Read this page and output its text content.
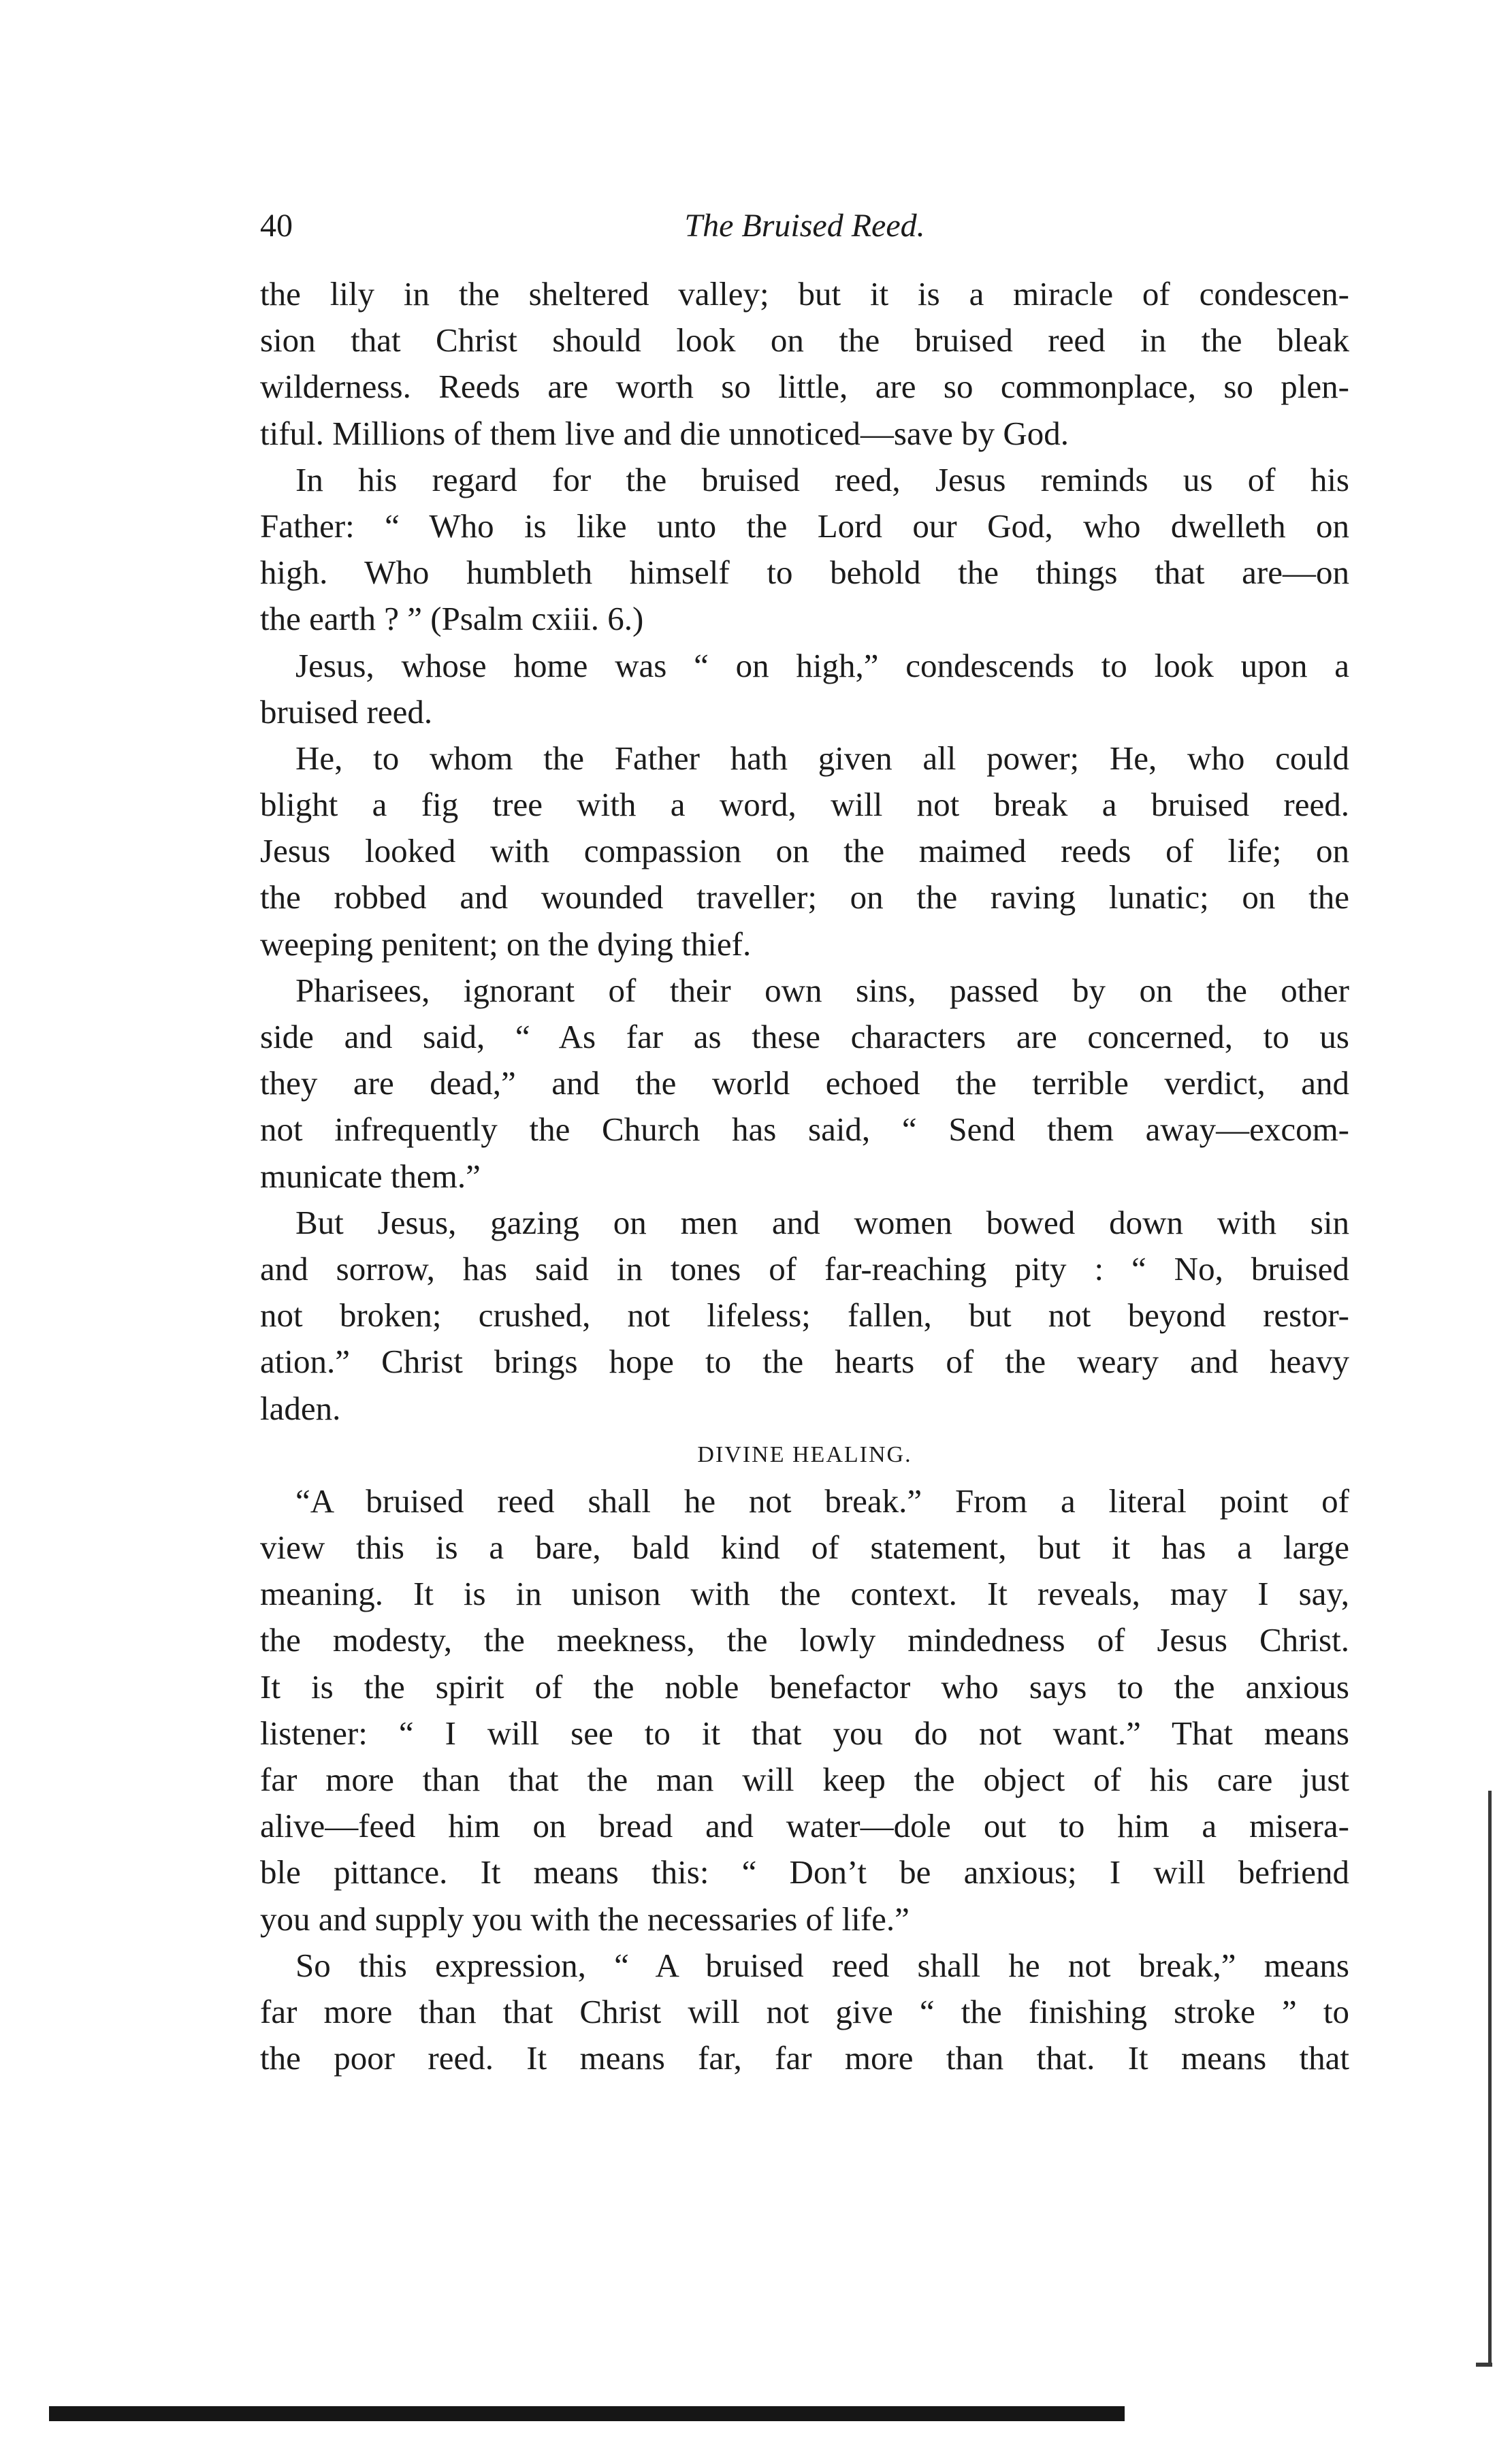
40	The Bruised Reed.
the lily in the sheltered valley; but it is a miracle of condescen-
sion that Christ should look on the bruised reed in the bleak
wilderness. Reeds are worth so little, are so commonplace, so plen-
tiful. Millions of them live and die unnoticed—save by God.
In his regard for the bruised reed, Jesus reminds us of his
Father: “ Who is like unto the Lord our God, who dwelleth on
high. Who humbleth himself to behold the things that are—on
the earth ? ” (Psalm cxiii. 6.)
Jesus, whose home was “ on high,” condescends to look upon a
bruised reed.
He, to whom the Father hath given all power; He, who could
blight a fig tree with a word, will not break a bruised reed.
Jesus looked with compassion on the maimed reeds of life; on
the robbed and wounded traveller; on the raving lunatic; on the
weeping penitent; on the dying thief.
Pharisees, ignorant of their own sins, passed by on the other
side and said, “ As far as these characters are concerned, to us
they are dead,” and the world echoed the terrible verdict, and
not infrequently the Church has said, “ Send them away—excom-
municate them.”
But Jesus, gazing on men and women bowed down with sin
and sorrow, has said in tones of far-reaching pity : “ No, bruised
not broken; crushed, not lifeless; fallen, but not beyond restor-
ation.” Christ brings hope to the hearts of the weary and heavy
laden.
DIVINE HEALING.
“A bruised reed shall he not break.” From a literal point of
view this is a bare, bald kind of statement, but it has a large
meaning. It is in unison with the context. It reveals, may I say,
the modesty, the meekness, the lowly mindedness of Jesus Christ.
It is the spirit of the noble benefactor who says to the anxious
listener: “ I will see to it that you do not want.” That means
far more than that the man will keep the object of his care just
alive—feed him on bread and water—dole out to him a misera-
ble pittance. It means this: “ Don’t be anxious; I will befriend
you and supply you with the necessaries of life.”
So this expression, “ A bruised reed shall he not break,” means
far more than that Christ will not give “ the finishing stroke ” to
the poor reed. It means far, far more than that. It means that
